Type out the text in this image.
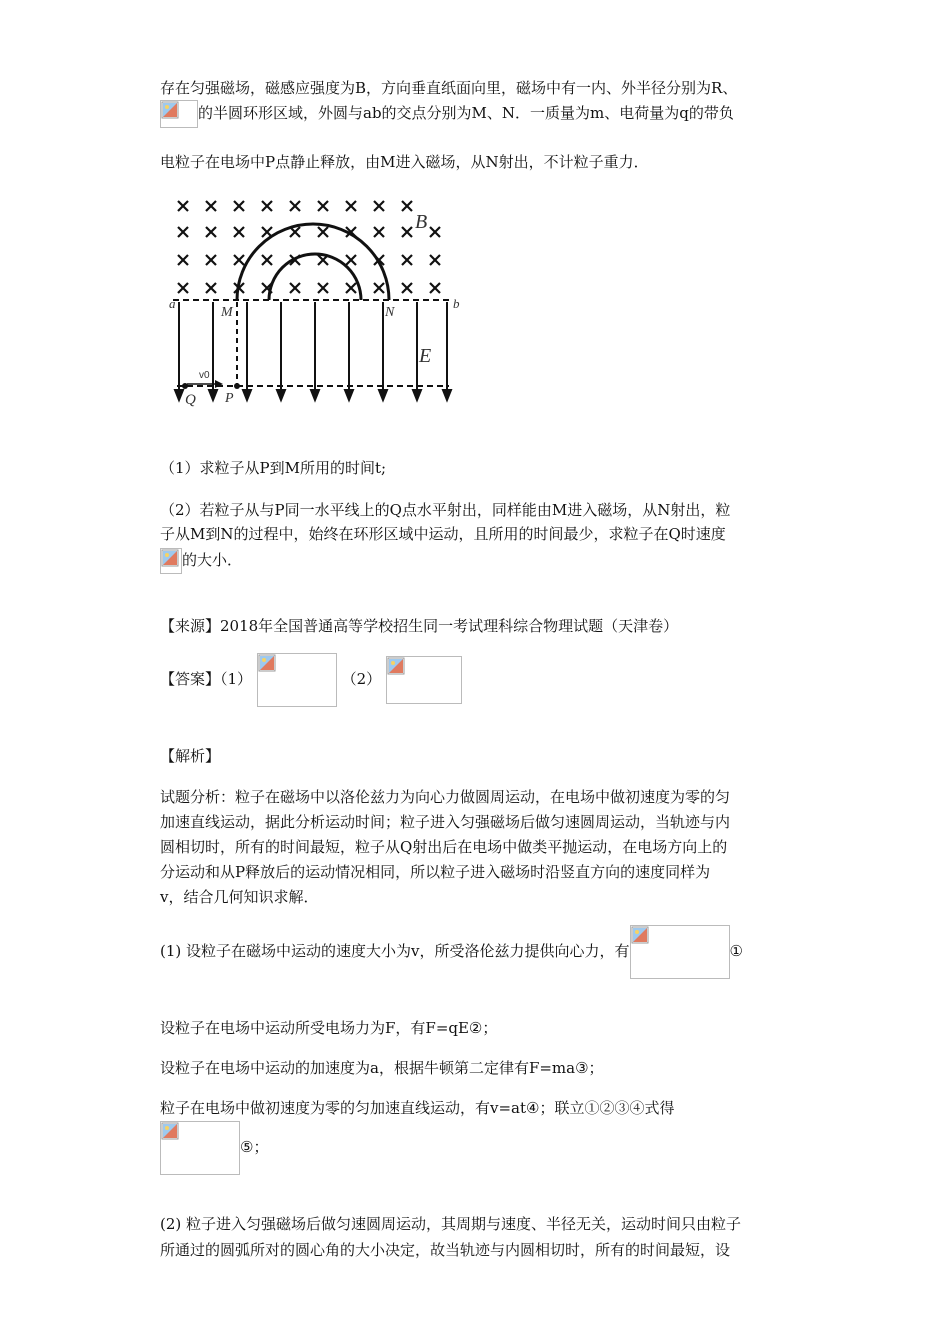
存在匀强磁场，磁感应强度为B，方向垂直纸面向里，磁场中有一内、外半径分别为R、
的半圆环形区域，外圆与ab的交点分别为M、N．一质量为m、电荷量为q的带负
电粒子在电场中P点静止释放，由M进入磁场，从N射出，不计粒子重力．
B
E
a	b
M	N
Q P
v0
（1）求粒子从P到M所用的时间t;
（2）若粒子从与P同一水平线上的Q点水平射出，同样能由M进入磁场，从N射出，粒
子从M到N的过程中，始终在环形区域中运动，且所用的时间最少，求粒子在Q时速度
的大小．
【来源】2018年全国普通高等学校招生同一考试理科综合物理试题（天津卷）
【答案】（1）	（2）
【解析】
试题分析：粒子在磁场中以洛伦兹力为向心力做圆周运动，在电场中做初速度为零的匀
加速直线运动，据此分析运动时间；粒子进入匀强磁场后做匀速圆周运动，当轨迹与内
圆相切时，所有的时间最短，粒子从Q射出后在电场中做类平抛运动，在电场方向上的
分运动和从P释放后的运动情况相同，所以粒子进入磁场时沿竖直方向的速度同样为
v，结合几何知识求解．
(1) 设粒子在磁场中运动的速度大小为v，所受洛伦兹力提供向心力，有	①
设粒子在电场中运动所受电场力为F，有F=qE②；
设粒子在电场中运动的加速度为a，根据牛顿第二定律有F=ma③；
粒子在电场中做初速度为零的匀加速直线运动，有v=at④；联立①②③④式得
⑤；
(2) 粒子进入匀强磁场后做匀速圆周运动，其周期与速度、半径无关，运动时间只由粒子
所通过的圆弧所对的圆心角的大小决定，故当轨迹与内圆相切时，所有的时间最短，设
